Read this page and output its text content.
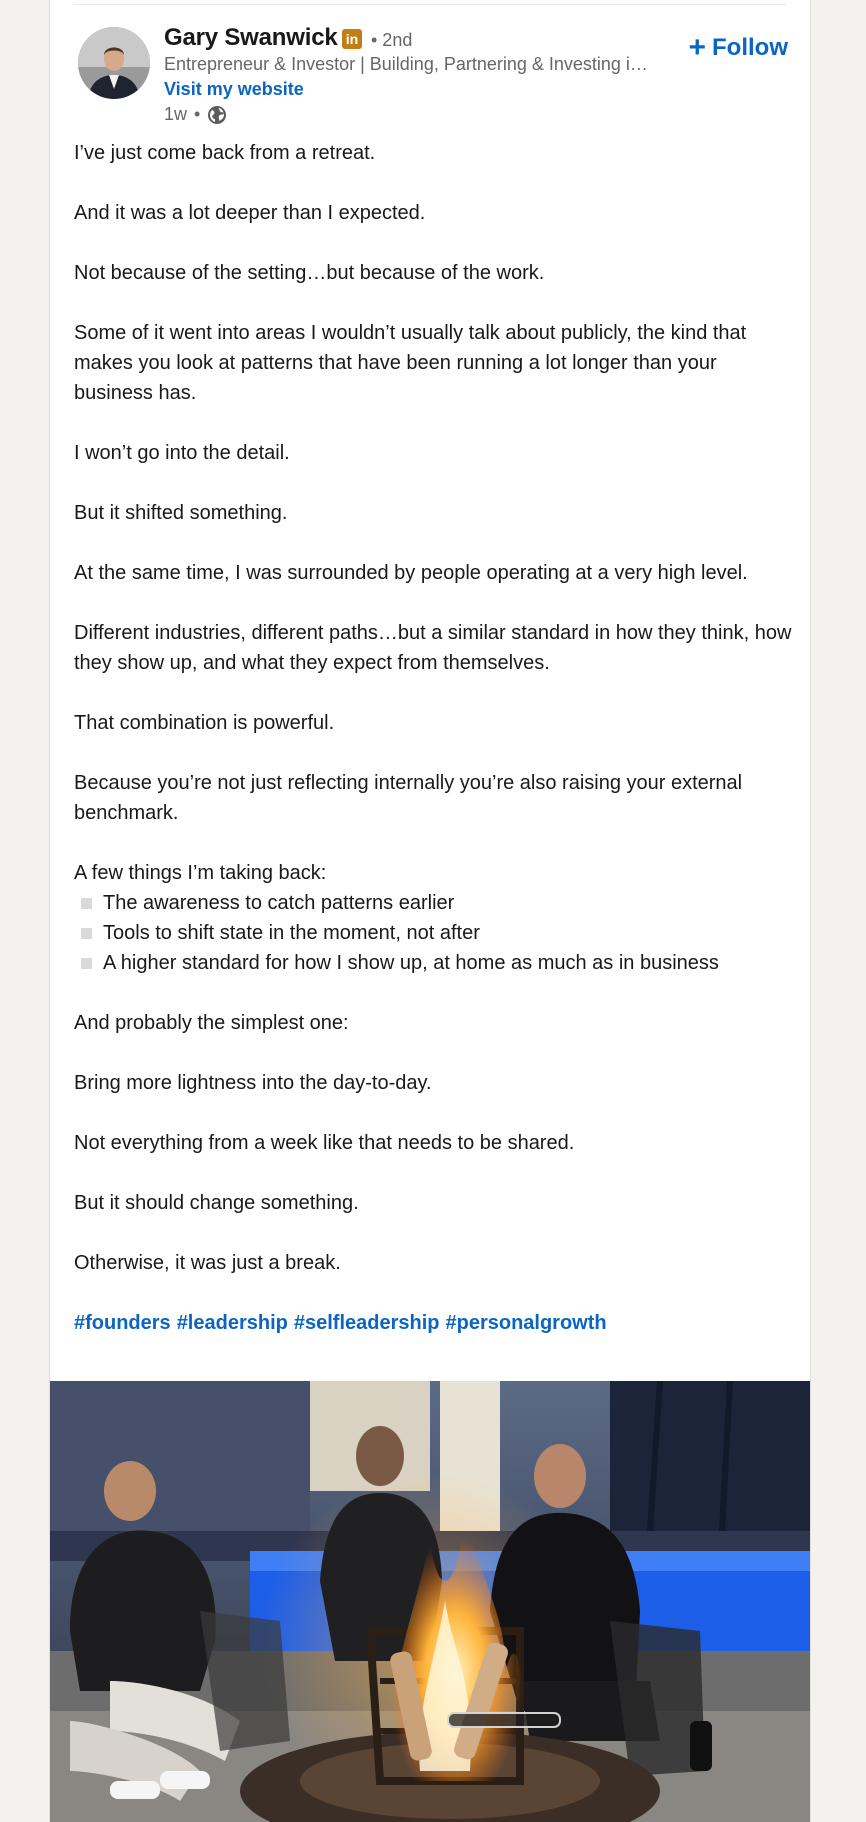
Gary Swanwick in • 2nd
Entrepreneur & Investor | Building, Partnering & Investing i…
Visit my website
1w •
+ Follow

I’ve just come back from a retreat.

And it was a lot deeper than I expected.

Not because of the setting…but because of the work.

Some of it went into areas I wouldn’t usually talk about publicly, the kind that makes you look at patterns that have been running a lot longer than your business has.

I won’t go into the detail.

But it shifted something.

At the same time, I was surrounded by people operating at a very high level.

Different industries, different paths…but a similar standard in how they think, how they show up, and what they expect from themselves.

That combination is powerful.

Because you’re not just reflecting internally you’re also raising your external benchmark.

A few things I’m taking back:

The awareness to catch patterns earlier
Tools to shift state in the moment, not after
A higher standard for how I show up, at home as much as in business

And probably the simplest one:

Bring more lightness into the day-to-day.

Not everything from a week like that needs to be shared.

But it should change something.

Otherwise, it was just a break.

#founders #leadership #selfleadership #personalgrowth
